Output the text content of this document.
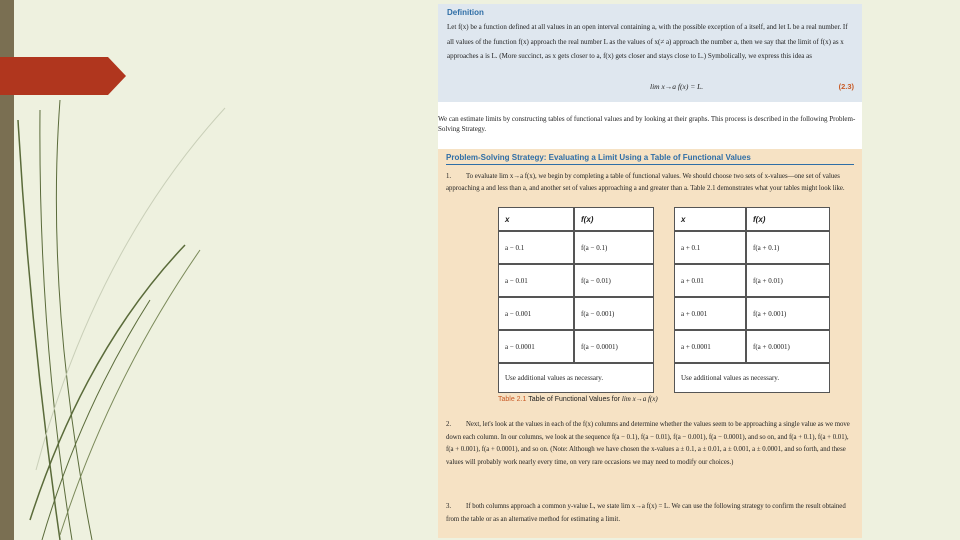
Definition
Let f(x) be a function defined at all values in an open interval containing a, with the possible exception of a itself, and let L be a real number. If all values of the function f(x) approach the real number L as the values of x(≠ a) approach the number a, then we say that the limit of f(x) as x approaches a is L. (More succinct, as x gets closer to a, f(x) gets closer and stays close to L.) Symbolically, we express this idea as
lim x→a f(x) = L.	(2.3)
We can estimate limits by constructing tables of functional values and by looking at their graphs. This process is described in the following Problem-Solving Strategy.
Problem-Solving Strategy: Evaluating a Limit Using a Table of Functional Values
1. To evaluate lim x→a f(x), we begin by completing a table of functional values. We should choose two sets of x-values—one set of values approaching a and less than a, and another set of values approaching a and greater than a. Table 2.1 demonstrates what your tables might look like.
x	f(x)	x	f(x)
a − 0.1	f(a − 0.1)	a + 0.1	f(a + 0.1)
a − 0.01	f(a − 0.01)	a + 0.01	f(a + 0.01)
a − 0.001	f(a − 0.001)	a + 0.001	f(a + 0.001)
a − 0.0001	f(a − 0.0001)	a + 0.0001	f(a + 0.0001)
Use additional values as necessary.	Use additional values as necessary.
Table 2.1 Table of Functional Values for lim x→a f(x)
2. Next, let's look at the values in each of the f(x) columns and determine whether the values seem to be approaching a single value as we move down each column. In our columns, we look at the sequence f(a − 0.1), f(a − 0.01), f(a − 0.001), f(a − 0.0001), and so on, and f(a + 0.1), f(a + 0.01), f(a + 0.001), f(a + 0.0001), and so on. (Note: Although we have chosen the x-values a ± 0.1, a ± 0.01, a ± 0.001, a ± 0.0001, and so forth, and these values will probably work nearly every time, on very rare occasions we may need to modify our choices.)
3. If both columns approach a common y-value L, we state lim x→a f(x) = L. We can use the following strategy to confirm the result obtained from the table or as an alternative method for estimating a limit.
